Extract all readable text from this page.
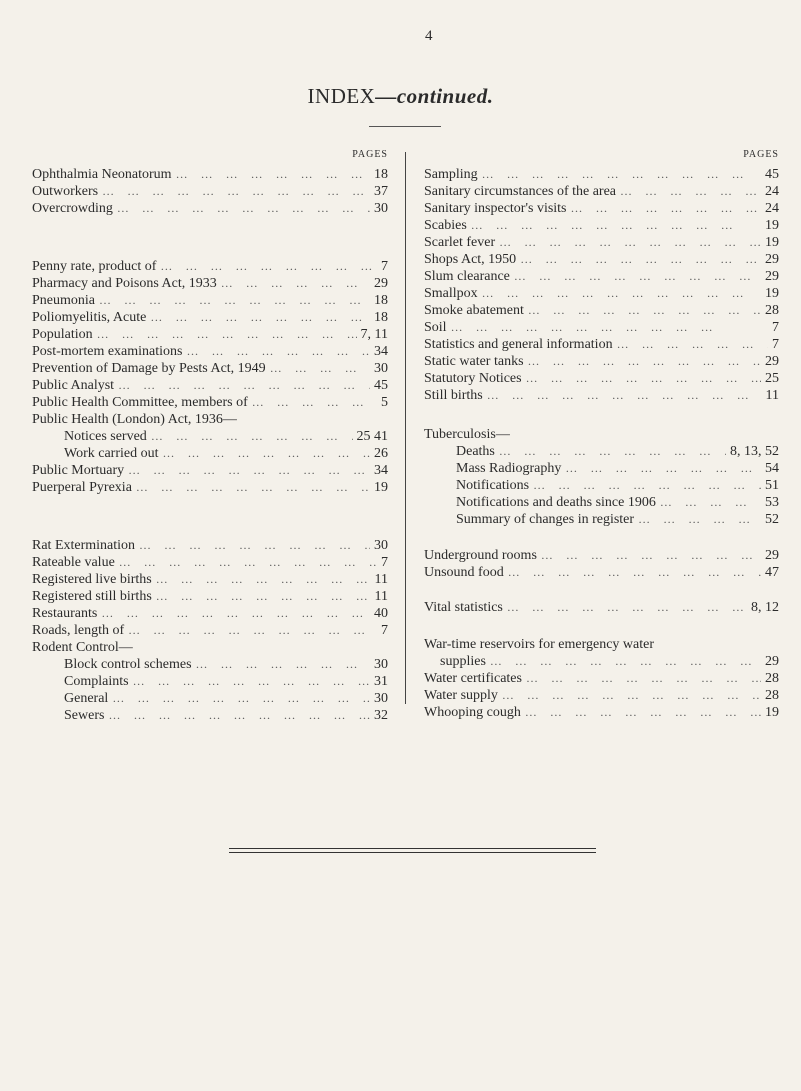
4
INDEX—continued.
PAGES
Ophthalmia Neonatorum …   …   …   …   …   …   …   …   …   …   …	18
Outworkers …   …   …   …   …   …   …   …   …   …   …	37
Overcrowding …   …   …   …   …   …   …   …   …   …   …	30
Penny rate, product of …   …   …   …   …   …   …   …   …   …   …	7
Pharmacy and Poisons Act, 1933 …   …   …   …   …   …   …   …   …   …   …	29
Pneumonia …   …   …   …   …   …   …   …   …   …   …	18
Poliomyelitis, Acute …   …   …   …   …   …   …   …   …   …   …	18
Population …   …   …   …   …   …   …   …   …   …   …	7, 11
Post-mortem examinations …   …   …   …   …   …   …   …   …   …   …	34
Prevention of Damage by Pests Act, 1949 …   …   …   …   …   …   …   …   …   …   …	30
Public Analyst …   …   …   …   …   …   …   …   …   …   …	45
Public Health Committee, members of …   …   …   …   …   …   …   …   …   …   …	5
Public Health (London) Act, 1936—
Notices served …   …   …   …   …   …   …   …   …   …   …	25 41
Work carried out …   …   …   …   …   …   …   …   …   …   …	26
Public Mortuary …   …   …   …   …   …   …   …   …   …   …	34
Puerperal Pyrexia …   …   …   …   …   …   …   …   …   …   …	19
Rat Extermination …   …   …   …   …   …   …   …   …   …   …	30
Rateable value …   …   …   …   …   …   …   …   …   …   …	7
Registered live births …   …   …   …   …   …   …   …   …   …   …	11
Registered still births …   …   …   …   …   …   …   …   …   …   …	11
Restaurants …   …   …   …   …   …   …   …   …   …   …	40
Roads, length of …   …   …   …   …   …   …   …   …   …   …	7
Rodent Control—
Block control schemes …   …   …   …   …   …   …   …   …   …   …	30
Complaints …   …   …   …   …   …   …   …   …   …   …	31
General …   …   …   …   …   …   …   …   …   …   …	30
Sewers …   …   …   …   …   …   …   …   …   …   …	32
PAGES
Sampling …   …   …   …   …   …   …   …   …   …   …	45
Sanitary circumstances of the area …   …   …   …   …   …   …   …   …   …   …	24
Sanitary inspector's visits …   …   …   …   …   …   …   …   …   …   …	24
Scabies …   …   …   …   …   …   …   …   …   …   …	19
Scarlet fever …   …   …   …   …   …   …   …   …   …   …	19
Shops Act, 1950 …   …   …   …   …   …   …   …   …   …   …	29
Slum clearance …   …   …   …   …   …   …   …   …   …   …	29
Smallpox …   …   …   …   …   …   …   …   …   …   …	19
Smoke abatement …   …   …   …   …   …   …   …   …   …   …	28
Soil …   …   …   …   …   …   …   …   …   …   …	7
Statistics and general information …   …   …   …   …   …   …   …   …   …   …	7
Static water tanks …   …   …   …   …   …   …   …   …   …   …	29
Statutory Notices …   …   …   …   …   …   …   …   …   …   …	25
Still births …   …   …   …   …   …   …   …   …   …   …	11
Tuberculosis—
Deaths …   …   …   …   …   …   …   …   …   …   …	8, 13, 52
Mass Radiography …   …   …   …   …   …   …   …   …   …   …	54
Notifications …   …   …   …   …   …   …   …   …   …   …	51
Notifications and deaths since 1906 …   …   …   …   …   …   …   …   …   …   …	53
Summary of changes in register …   …   …   …   …   …   …   …   …   …   …	52
Underground rooms …   …   …   …   …   …   …   …   …   …   …	29
Unsound food …   …   …   …   …   …   …   …   …   …   …	47
Vital statistics …   …   …   …   …   …   …   …   …   …   …	8, 12
War-time reservoirs for emergency water
supplies …   …   …   …   …   …   …   …   …   …   …	29
Water certificates …   …   …   …   …   …   …   …   …   …   …	28
Water supply …   …   …   …   …   …   …   …   …   …   …	28
Whooping cough …   …   …   …   …   …   …   …   …   …   …	19
